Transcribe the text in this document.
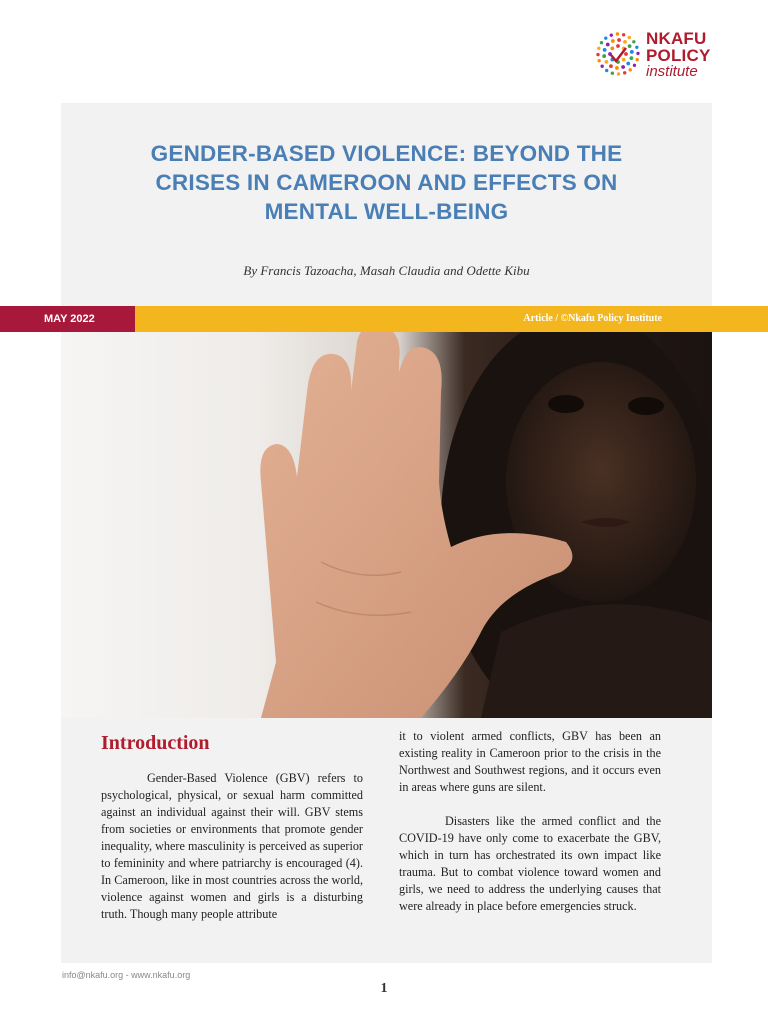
NKAFU
POLICY
institute
GENDER-BASED VIOLENCE: BEYOND THE
CRISES IN CAMEROON AND EFFECTS ON
MENTAL WELL-BEING
By Francis Tazoacha, Masah Claudia and Odette Kibu
MAY 2022	Article / ©Nkafu Policy Institute
Introduction

Gender-Based Violence (GBV) refers to psychological, physical, or sexual harm committed against an individual against their will. GBV stems from societies or environments that promote gender inequality, where masculinity is perceived as superior to femininity and where patriarchy is encouraged (4). In Cameroon, like in most countries across the world, violence against women and girls is a disturbing truth. Though many people attribute

it to violent armed conflicts, GBV has been an existing reality in Cameroon prior to the crisis in the Northwest and Southwest regions, and it occurs even in areas where guns are silent.

Disasters like the armed conflict and the COVID-19 have only come to exacerbate the GBV, which in turn has orchestrated its own impact like trauma. But to combat violence toward women and girls, we need to address the underlying causes that were already in place before emergencies struck.

info@nkafu.org - www.nkafu.org
1
